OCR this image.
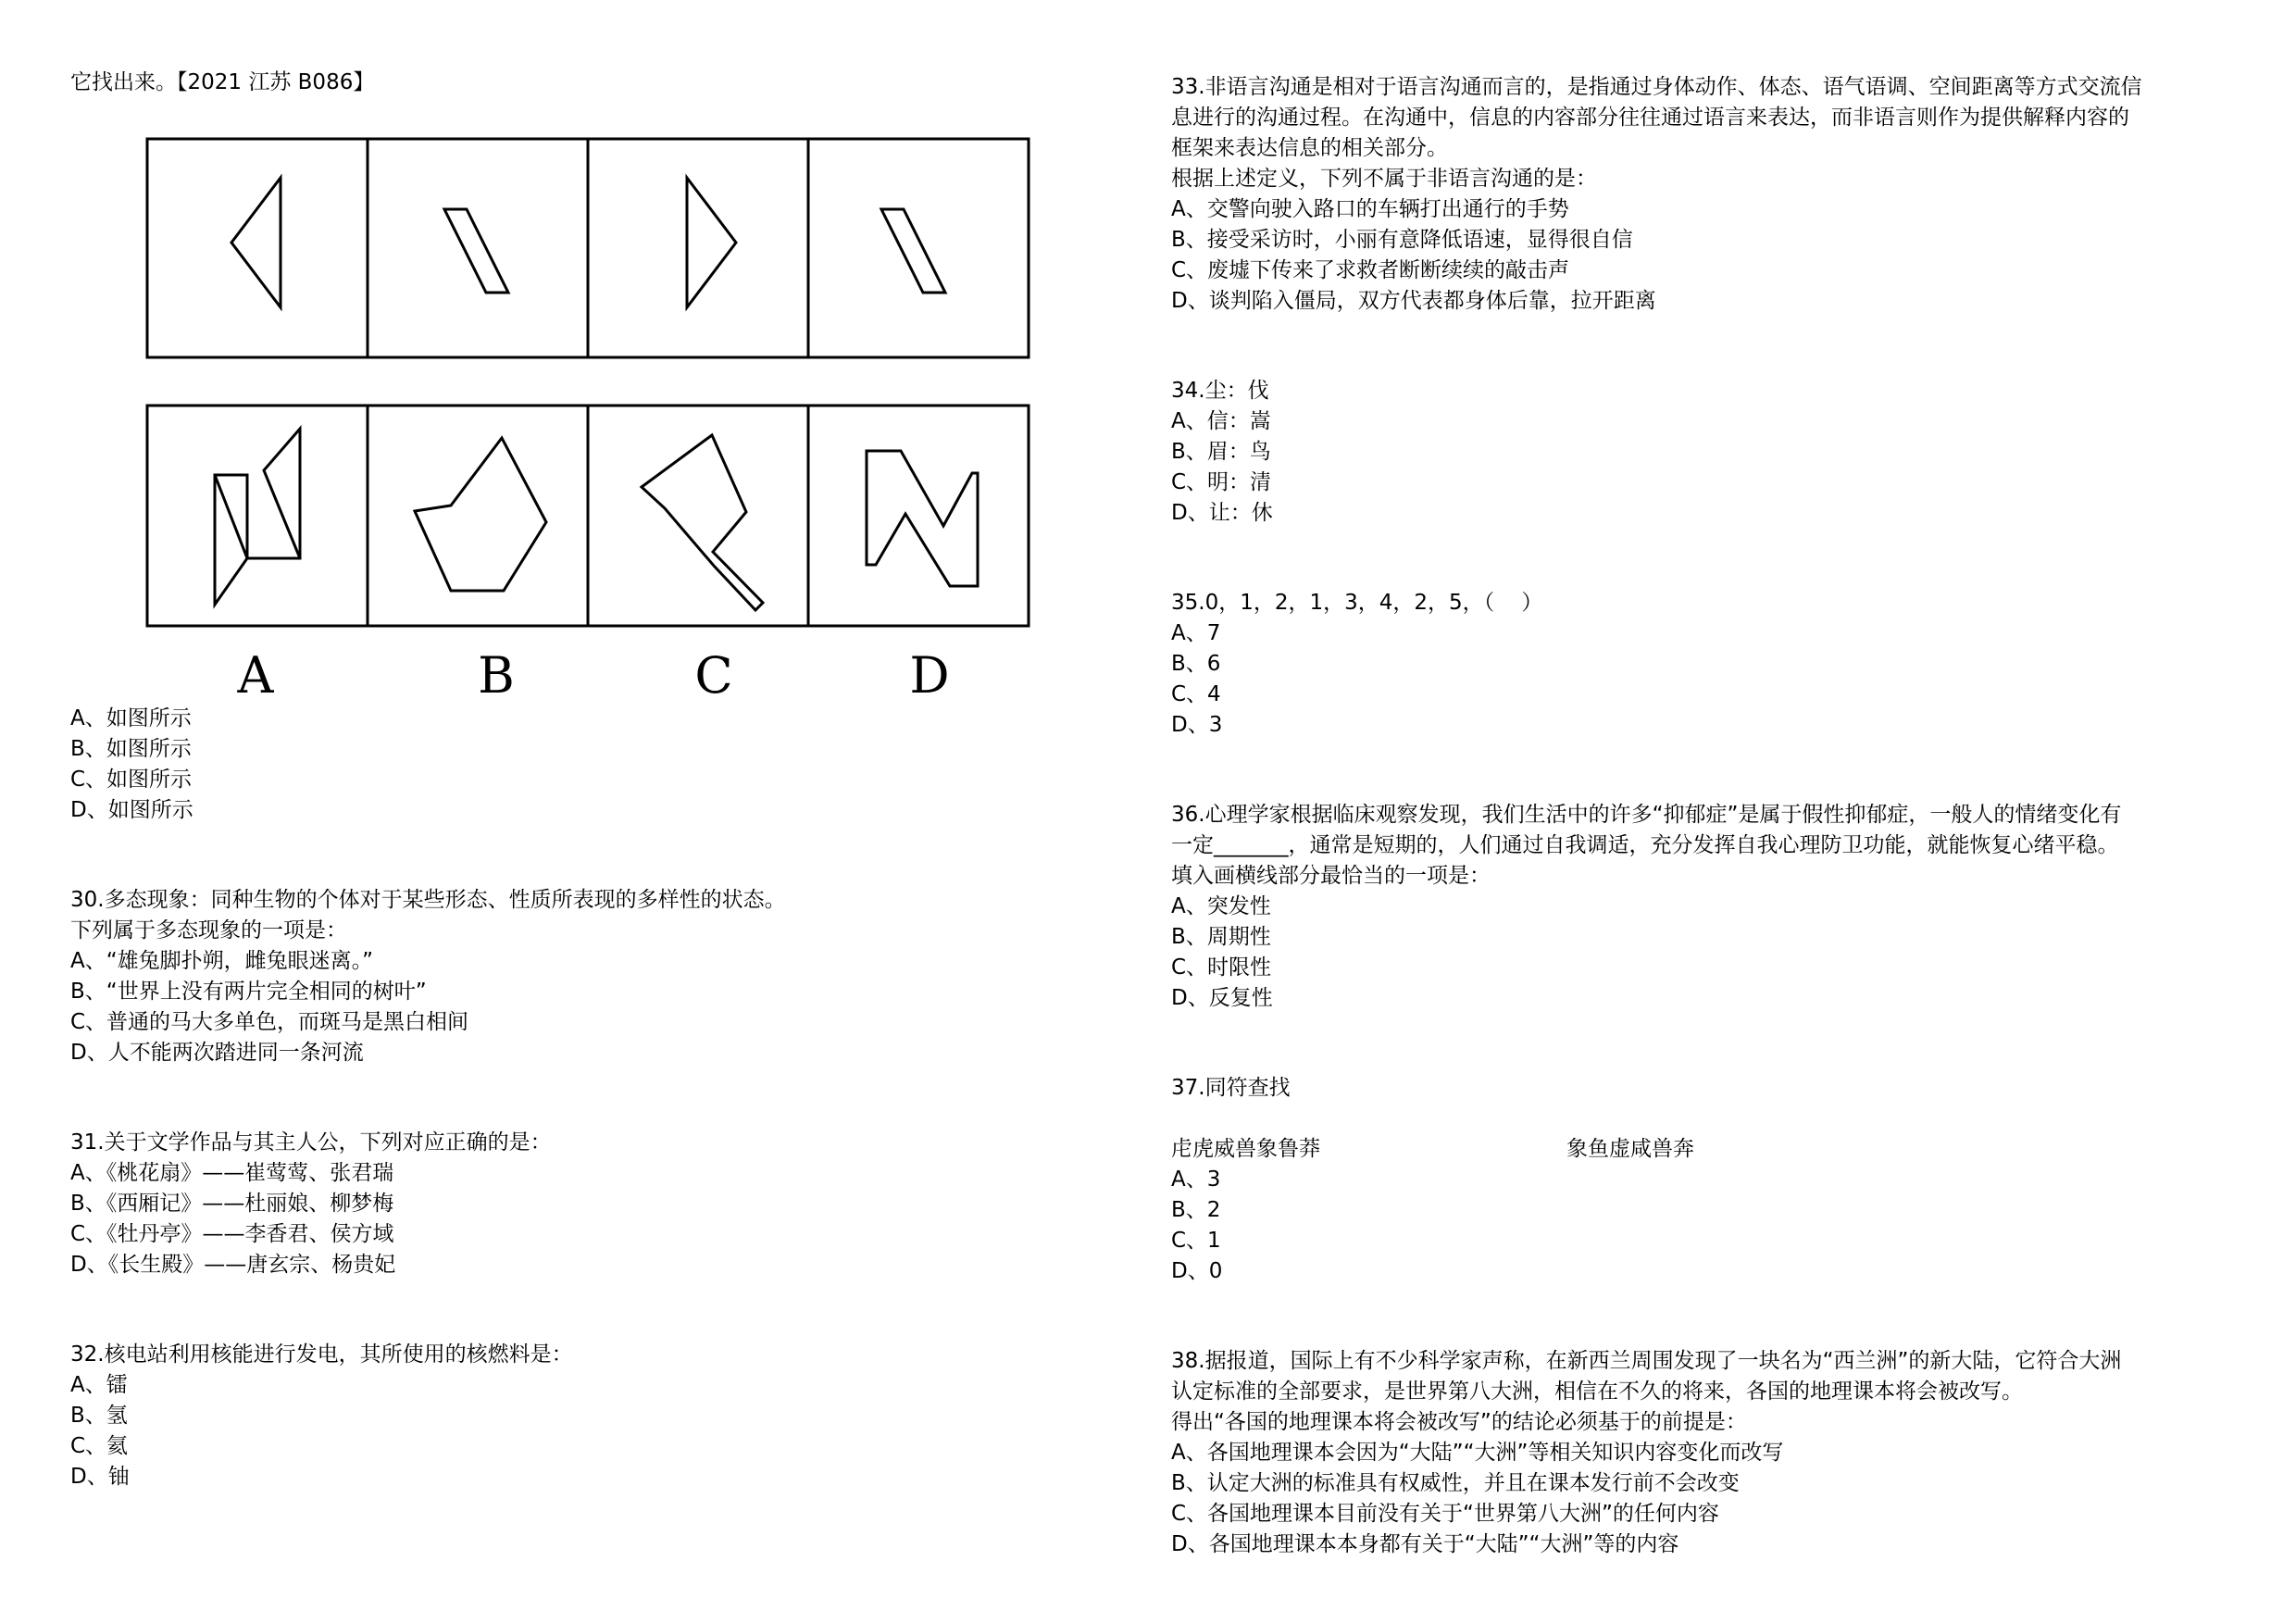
它找出来。【2021 江苏 B086】
A	B	C	D
A、如图所示
B、如图所示
C、如图所示
D、如图所示
30.多态现象：同种生物的个体对于某些形态、性质所表现的多样性的状态。
下列属于多态现象的一项是：
A、“雄兔脚扑朔，雌兔眼迷离。”
B、“世界上没有两片完全相同的树叶”
C、普通的马大多单色，而斑马是黑白相间
D、人不能两次踏进同一条河流
31.关于文学作品与其主人公，下列对应正确的是：
A、《桃花扇》——崔莺莺、张君瑞
B、《西厢记》——杜丽娘、柳梦梅
C、《牡丹亭》——李香君、侯方域
D、《长生殿》——唐玄宗、杨贵妃
32.核电站利用核能进行发电，其所使用的核燃料是：
A、镭
B、氢
C、氦
D、铀
33.非语言沟通是相对于语言沟通而言的，是指通过身体动作、体态、语气语调、空间距离等方式交流信
息进行的沟通过程。在沟通中，信息的内容部分往往通过语言来表达，而非语言则作为提供解释内容的
框架来表达信息的相关部分。
根据上述定义，下列不属于非语言沟通的是：
A、交警向驶入路口的车辆打出通行的手势
B、接受采访时，小丽有意降低语速，显得很自信
C、废墟下传来了求救者断断续续的敲击声
D、谈判陷入僵局，双方代表都身体后靠，拉开距离
34.尘：伐
A、信：嵩
B、眉：鸟
C、明：清
D、让：休
35.0，1，2，1，3，4，2，5，（    ）
A、7
B、6
C、4
D、3
36.心理学家根据临床观察发现，我们生活中的许多“抑郁症”是属于假性抑郁症，一般人的情绪变化有
一定_______，通常是短期的，人们通过自我调适，充分发挥自我心理防卫功能，就能恢复心绪平稳。
填入画横线部分最恰当的一项是：
A、突发性
B、周期性
C、时限性
D、反复性
37.同符查找
虍虎威兽象鲁莽	象鱼虚咸兽奔
A、3
B、2
C、1
D、0
38.据报道，国际上有不少科学家声称，在新西兰周围发现了一块名为“西兰洲”的新大陆，它符合大洲
认定标准的全部要求，是世界第八大洲，相信在不久的将来，各国的地理课本将会被改写。
得出“各国的地理课本将会被改写”的结论必须基于的前提是：
A、各国地理课本会因为“大陆”“大洲”等相关知识内容变化而改写
B、认定大洲的标准具有权威性，并且在课本发行前不会改变
C、各国地理课本目前没有关于“世界第八大洲”的任何内容
D、各国地理课本本身都有关于“大陆”“大洲”等的内容
